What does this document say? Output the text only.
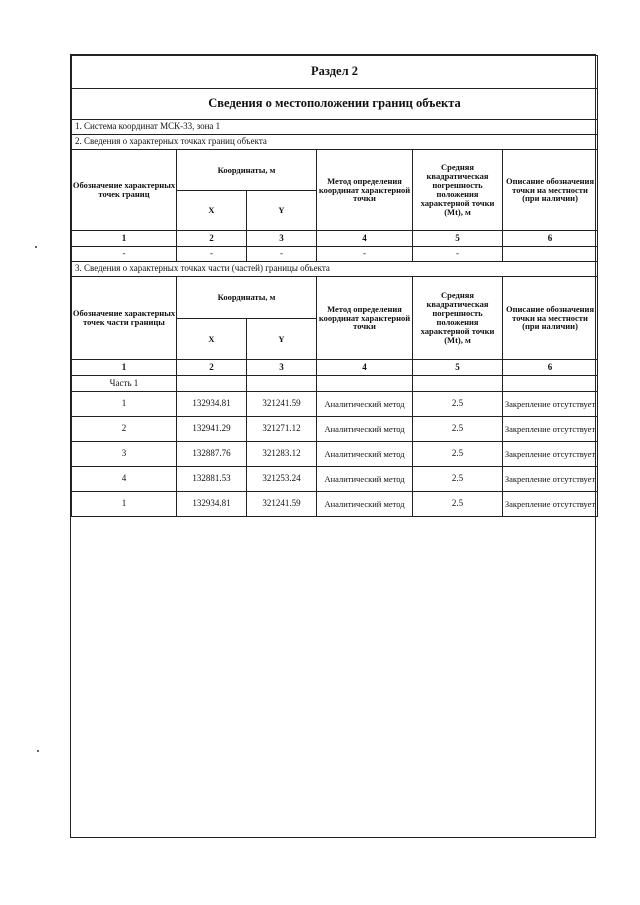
Раздел 2					
Сведения о местоположении границ объекта					
1. Система координат МСК-33, зона 1					
2. Сведения о характерных точках границ объекта					
Обозначение характерных точек границ	Координаты, м		Метод определения координат характерной точки	Средняя квадратическая погрешность положения характерной точки (Mt), м	Описание обозначения точки на местности (при наличии)
	X	Y			
1	2	3	4	5	6
-	-	-	-	-	
3. Сведения о характерных точках части (частей) границы объекта					
Обозначение характерных точек части границы	Координаты, м		Метод определения координат характерной точки	Средняя квадратическая погрешность положения характерной точки (Mt), м	Описание обозначения точки на местности (при наличии)
	X	Y			
1	2	3	4	5	6
Часть 1					
1	132934.81	321241.59	Аналитический метод	2.5	Закрепление отсутствует
2	132941.29	321271.12	Аналитический метод	2.5	Закрепление отсутствует
3	132887.76	321283.12	Аналитический метод	2.5	Закрепление отсутствует
4	132881.53	321253.24	Аналитический метод	2.5	Закрепление отсутствует
1	132934.81	321241.59	Аналитический метод	2.5	Закрепление отсутствует
